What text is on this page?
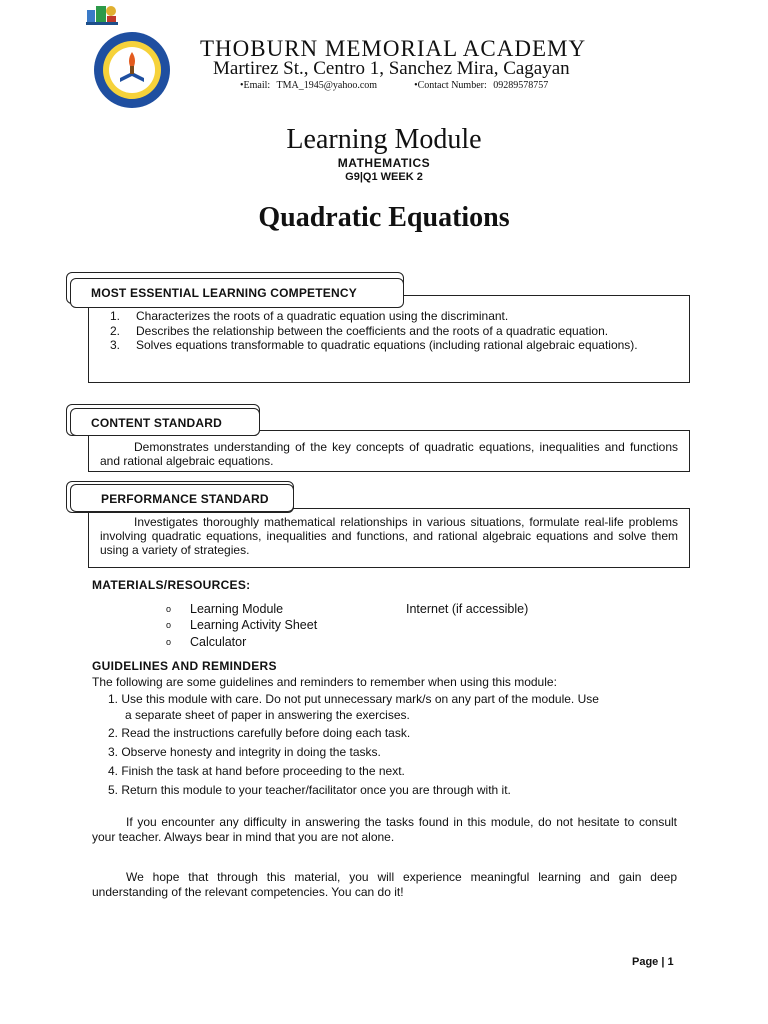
THOBURN MEMORIAL ACADEMY
Martirez St., Centro 1, Sanchez Mira, Cagayan
•Email: TMA_1945@yahoo.com	•Contact Number: 09289578757
Learning Module
MATHEMATICS
G9|Q1 WEEK 2
Quadratic Equations
MOST ESSENTIAL LEARNING COMPETENCY
1.	Characterizes the roots of a quadratic equation using the discriminant.
2.	Describes the relationship between the coefficients and the roots of a quadratic equation.
3.	Solves equations transformable to quadratic equations (including rational algebraic equations).
CONTENT STANDARD
Demonstrates understanding of the key concepts of quadratic equations, inequalities and functions and rational algebraic equations.
PERFORMANCE STANDARD
Investigates thoroughly mathematical relationships in various situations, formulate real-life problems involving quadratic equations, inequalities and functions, and rational algebraic equations and solve them using a variety of strategies.
MATERIALS/RESOURCES:
o	Learning Module
o	Learning Activity Sheet
o	Calculator
Internet (if accessible)
GUIDELINES AND REMINDERS
The following are some guidelines and reminders to remember when using this module:
1. Use this module with care. Do not put unnecessary mark/s on any part of the module. Use
a separate sheet of paper in answering the exercises.
2. Read the instructions carefully before doing each task.
3. Observe honesty and integrity in doing the tasks.
4. Finish the task at hand before proceeding to the next.
5. Return this module to your teacher/facilitator once you are through with it.
If you encounter any difficulty in answering the tasks found in this module, do not hesitate to consult your teacher. Always bear in mind that you are not alone.
We hope that through this material, you will experience meaningful learning and gain deep understanding of the relevant competencies. You can do it!
Page | 1
